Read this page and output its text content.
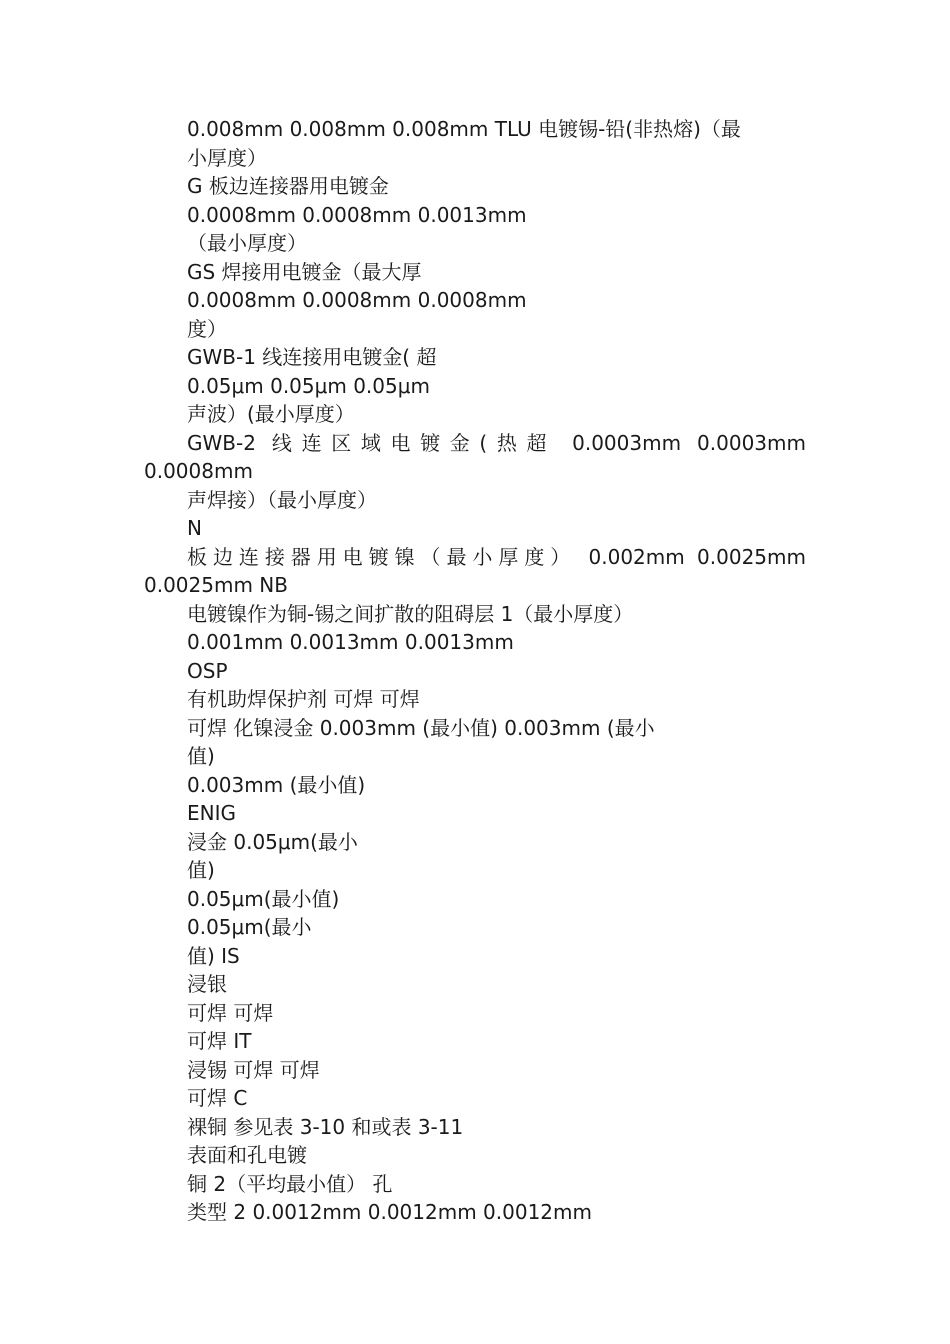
0.008mm 0.008mm 0.008mm TLU 电镀锡-铅(非热熔)（最
小厚度）
G 板边连接器用电镀金
0.0008mm 0.0008mm 0.0013mm
（最小厚度）
GS 焊接用电镀金（最大厚
0.0008mm 0.0008mm 0.0008mm
度）
GWB-1 线连接用电镀金( 超
0.05μm 0.05μm 0.05μm
声波）(最小厚度）
GWB-2 线连区域电镀金(热超 0.0003mm 0.0003mm
0.0008mm
声焊接）（最小厚度）
N
板边连接器用电镀镍（最小厚度） 0.002mm 0.0025mm
0.0025mm NB
电镀镍作为铜-锡之间扩散的阻碍层 1（最小厚度）
0.001mm 0.0013mm 0.0013mm
OSP
有机助焊保护剂 可焊 可焊
可焊 化镍浸金 0.003mm (最小值) 0.003mm (最小
值)
0.003mm (最小值)
ENIG
浸金 0.05μm(最小
值)
0.05μm(最小值)
0.05μm(最小
值) IS
浸银
可焊 可焊
可焊 IT
浸锡 可焊 可焊
可焊 C
裸铜 参见表 3-10 和或表 3-11
表面和孔电镀
铜 2（平均最小值） 孔
类型 2 0.0012mm 0.0012mm 0.0012mm
